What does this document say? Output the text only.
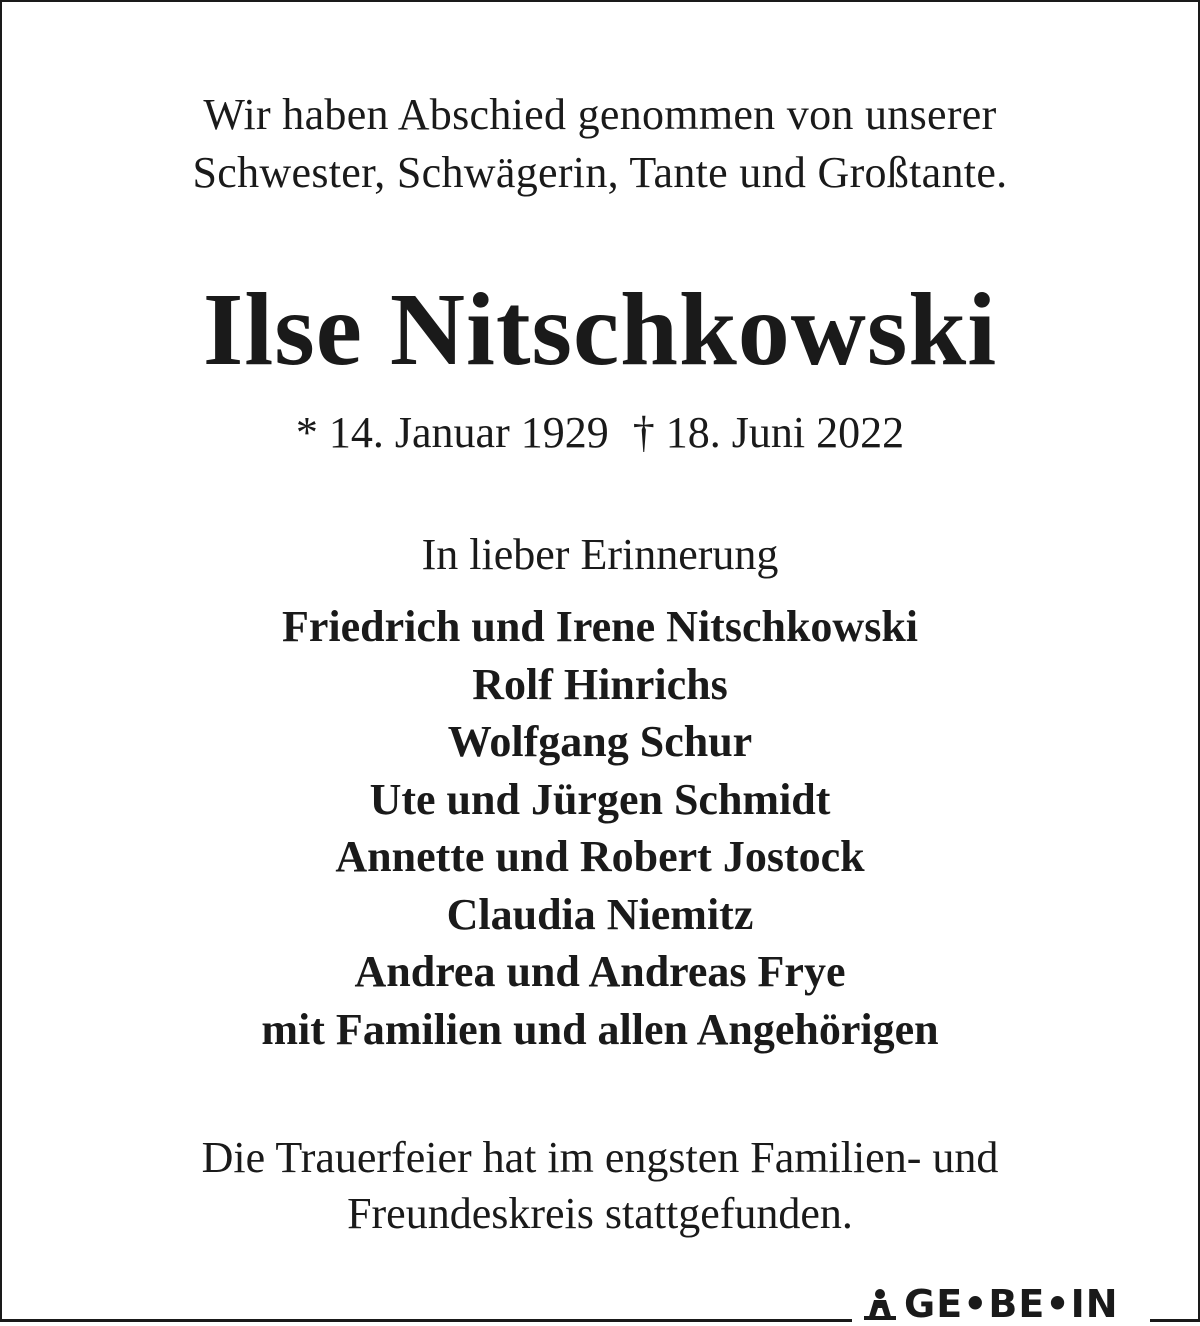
Wir haben Abschied genommen von unserer
Schwester, Schwägerin, Tante und Großtante.
Ilse Nitschkowski
* 14. Januar 1929 † 18. Juni 2022
In lieber Erinnerung
Friedrich und Irene Nitschkowski
Rolf Hinrichs
Wolfgang Schur
Ute und Jürgen Schmidt
Annette und Robert Jostock
Claudia Niemitz
Andrea und Andreas Frye
mit Familien und allen Angehörigen
Die Trauerfeier hat im engsten Familien- und
Freundeskreis stattgefunden.
GE•BE•IN
